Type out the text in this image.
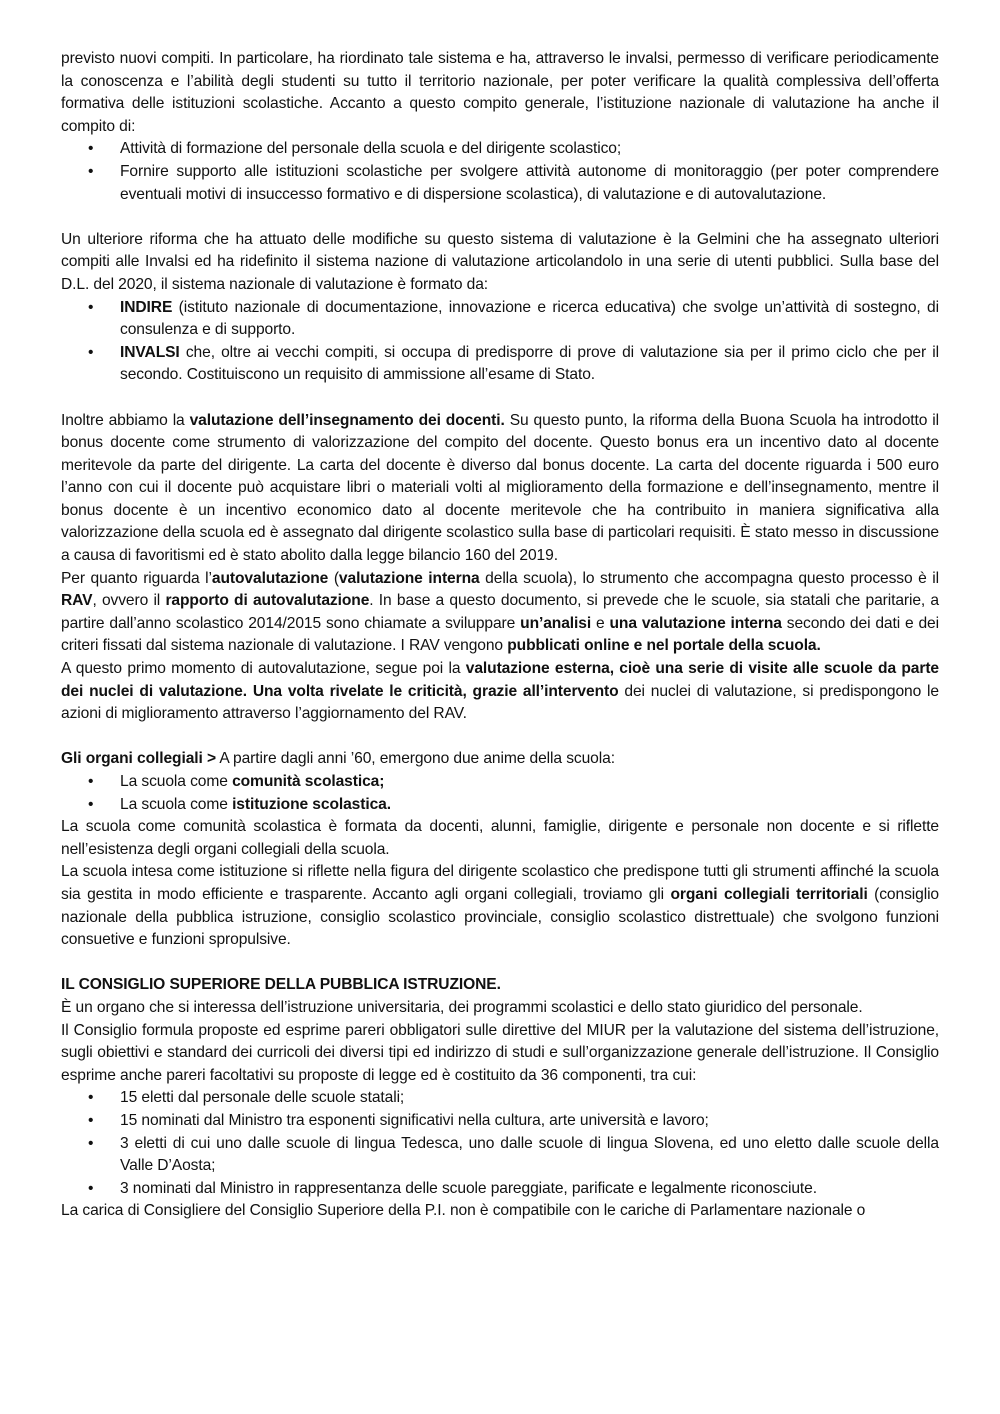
previsto nuovi compiti. In particolare, ha riordinato tale sistema e ha, attraverso le invalsi, permesso di verificare periodicamente la conoscenza e l’abilità degli studenti su tutto il territorio nazionale, per poter verificare la qualità complessiva dell’offerta formativa delle istituzioni scolastiche. Accanto a questo compito generale, l’istituzione nazionale di valutazione ha anche il compito di:

• Attività di formazione del personale della scuola e del dirigente scolastico;
• Fornire supporto alle istituzioni scolastiche per svolgere attività autonome di monitoraggio (per poter comprendere eventuali motivi di insuccesso formativo e di dispersione scolastica), di valutazione e di autovalutazione.

Un ulteriore riforma che ha attuato delle modifiche su questo sistema di valutazione è la Gelmini che ha assegnato ulteriori compiti alle Invalsi ed ha ridefinito il sistema nazione di valutazione articolandolo in una serie di utenti pubblici. Sulla base del D.L. del 2020, il sistema nazionale di valutazione è formato da:

• INDIRE (istituto nazionale di documentazione, innovazione e ricerca educativa) che svolge un’attività di sostegno, di consulenza e di supporto.
• INVALSI che, oltre ai vecchi compiti, si occupa di predisporre di prove di valutazione sia per il primo ciclo che per il secondo. Costituiscono un requisito di ammissione all’esame di Stato.

Inoltre abbiamo la valutazione dell’insegnamento dei docenti. Su questo punto, la riforma della Buona Scuola ha introdotto il bonus docente come strumento di valorizzazione del compito del docente. Questo bonus era un incentivo dato al docente meritevole da parte del dirigente. La carta del docente è diverso dal bonus docente. La carta del docente riguarda i 500 euro l’anno con cui il docente può acquistare libri o materiali volti al miglioramento della formazione e dell’insegnamento, mentre il bonus docente è un incentivo economico dato al docente meritevole che ha contribuito in maniera significativa alla valorizzazione della scuola ed è assegnato dal dirigente scolastico sulla base di particolari requisiti. È stato messo in discussione a causa di favoritismi ed è stato abolito dalla legge bilancio 160 del 2019.

Per quanto riguarda l’autovalutazione (valutazione interna della scuola), lo strumento che accompagna questo processo è il RAV, ovvero il rapporto di autovalutazione. In base a questo documento, si prevede che le scuole, sia statali che paritarie, a partire dall’anno scolastico 2014/2015 sono chiamate a sviluppare un’analisi e una valutazione interna secondo dei dati e dei criteri fissati dal sistema nazionale di valutazione. I RAV vengono pubblicati online e nel portale della scuola.

A questo primo momento di autovalutazione, segue poi la valutazione esterna, cioè una serie di visite alle scuole da parte dei nuclei di valutazione. Una volta rivelate le criticità, grazie all’intervento dei nuclei di valutazione, si predispongono le azioni di miglioramento attraverso l’aggiornamento del RAV.

Gli organi collegiali > A partire dagli anni ’60, emergono due anime della scuola:

• La scuola come comunità scolastica;
• La scuola come istituzione scolastica.

La scuola come comunità scolastica è formata da docenti, alunni, famiglie, dirigente e personale non docente e si riflette nell’esistenza degli organi collegiali della scuola.

La scuola intesa come istituzione si riflette nella figura del dirigente scolastico che predispone tutti gli strumenti affinché la scuola sia gestita in modo efficiente e trasparente. Accanto agli organi collegiali, troviamo gli organi collegiali territoriali (consiglio nazionale della pubblica istruzione, consiglio scolastico provinciale, consiglio scolastico distrettuale) che svolgono funzioni consuetive e funzioni spropulsive.

IL CONSIGLIO SUPERIORE DELLA PUBBLICA ISTRUZIONE.

È un organo che si interessa dell’istruzione universitaria, dei programmi scolastici e dello stato giuridico del personale.

Il Consiglio formula proposte ed esprime pareri obbligatori sulle direttive del MIUR per la valutazione del sistema dell’istruzione, sugli obiettivi e standard dei curricoli dei diversi tipi ed indirizzo di studi e sull’organizzazione generale dell’istruzione. Il Consiglio esprime anche pareri facoltativi su proposte di legge ed è costituito da 36 componenti, tra cui:

• 15 eletti dal personale delle scuole statali;
• 15 nominati dal Ministro tra esponenti significativi nella cultura, arte università e lavoro;
• 3 eletti di cui uno dalle scuole di lingua Tedesca, uno dalle scuole di lingua Slovena, ed uno eletto dalle scuole della Valle D’Aosta;
• 3 nominati dal Ministro in rappresentanza delle scuole pareggiate, parificate e legalmente riconosciute.

La carica di Consigliere del Consiglio Superiore della P.I. non è compatibile con le cariche di Parlamentare nazionale o
